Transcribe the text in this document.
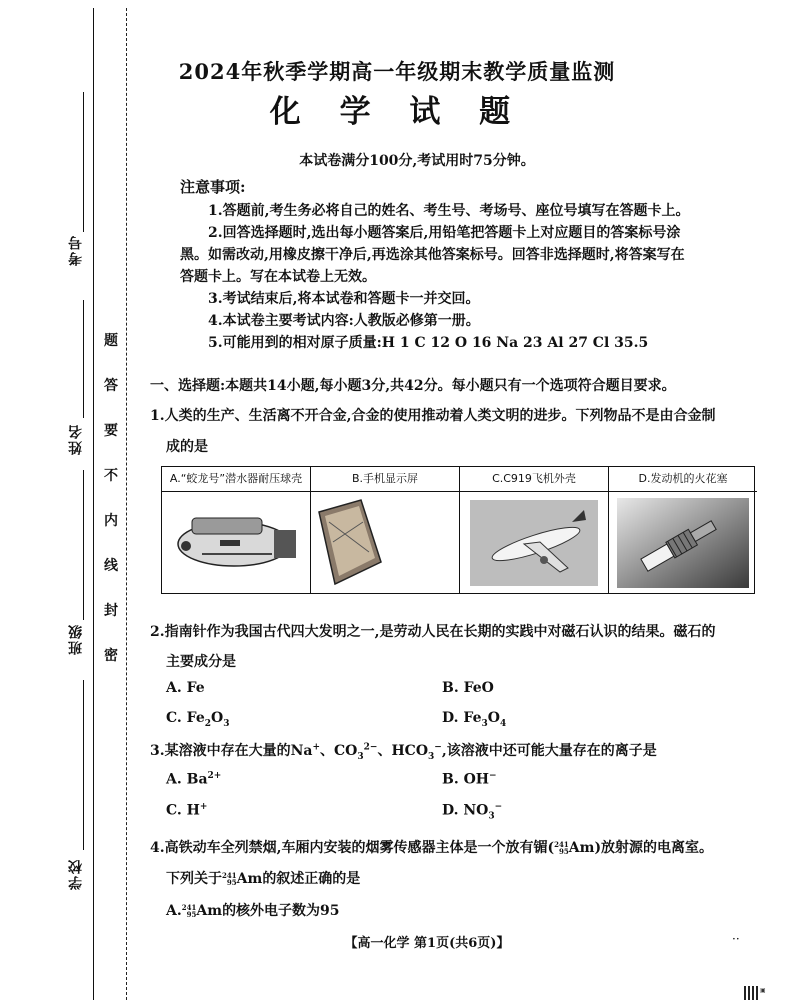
考号
姓名
班级
学校
题
答
要
不
内
线
封
密
2024年秋季学期高一年级期末教学质量监测
化 学 试 题
本试卷满分100分,考试用时75分钟。
注意事项:
1.答题前,考生务必将自己的姓名、考生号、考场号、座位号填写在答题卡上。
2.回答选择题时,选出每小题答案后,用铅笔把答题卡上对应题目的答案标号涂
黑。如需改动,用橡皮擦干净后,再选涂其他答案标号。回答非选择题时,将答案写在
答题卡上。写在本试卷上无效。
3.考试结束后,将本试卷和答题卡一并交回。
4.本试卷主要考试内容:人教版必修第一册。
5.可能用到的相对原子质量:H 1 C 12 O 16 Na 23 Al 27 Cl 35.5
一、选择题:本题共14小题,每小题3分,共42分。每小题只有一个选项符合题目要求。
1.人类的生产、生活离不开合金,合金的使用推动着人类文明的进步。下列物品不是由合金制
成的是
A.“蛟龙号”潜水器耐压球壳	B.手机显示屏	C.C919飞机外壳	D.发动机的火花塞
2.指南针作为我国古代四大发明之一,是劳动人民在长期的实践中对磁石认识的结果。磁石的
主要成分是
A. Fe	B. FeO
C. $Fe_2O_3$	D. $Fe_3O_4$
3.某溶液中存在大量的Na+、$CO_3^{2-}$、$HCO_3^-$,该溶液中还可能大量存在的离子是
A. $Ba^{2+}$	B. OH−
C. H+	D. $NO_3^-$
4.高铁动车全列禁烟,车厢内安装的烟雾传感器主体是一个放有镅(241
95Am)放射源的电离室。
下列关于241
95Am的叙述正确的是
A.241
95Am的核外电子数为95
【高一化学 第1页(共6页)】	··
▣
